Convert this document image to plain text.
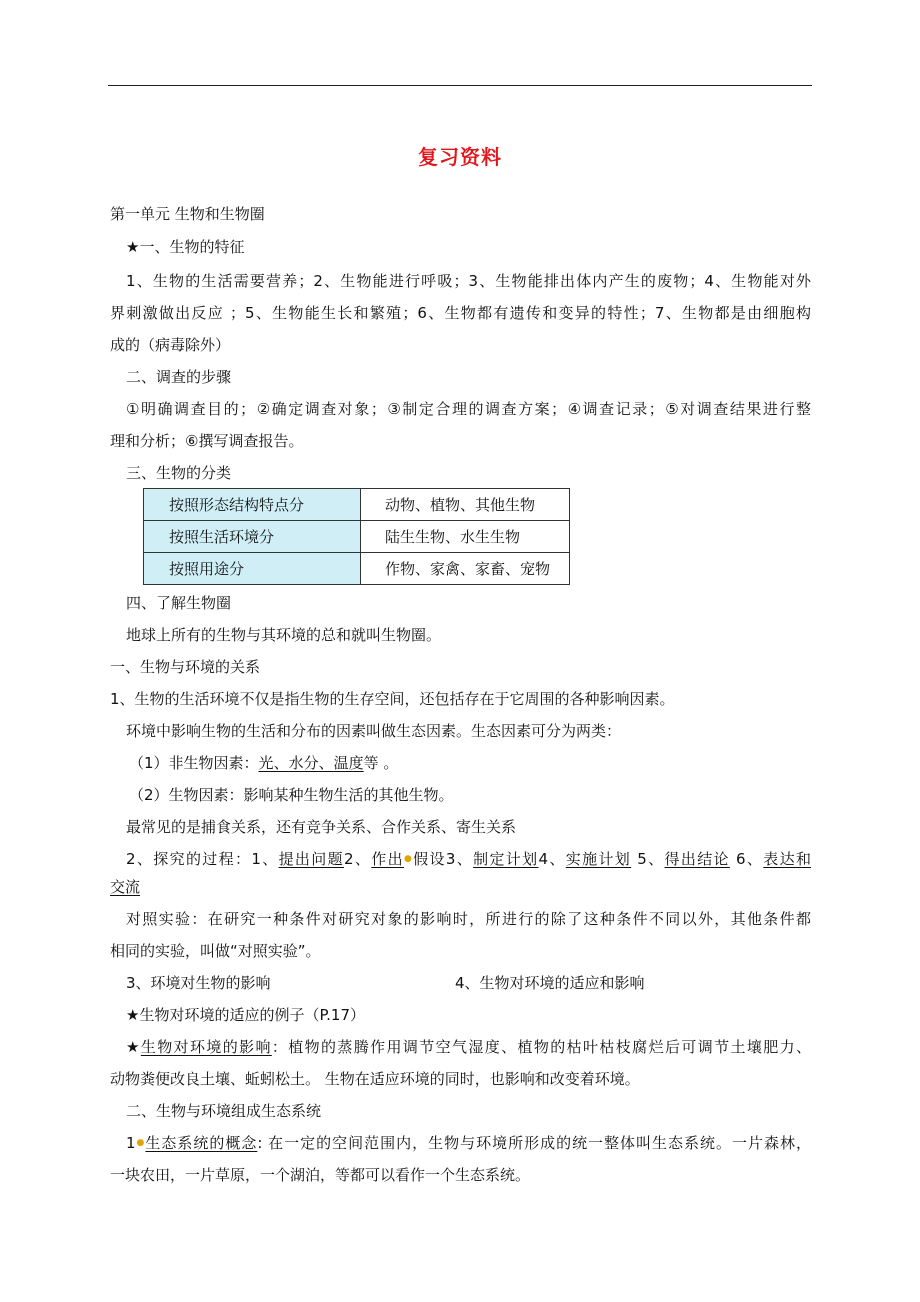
复习资料
第一单元 生物和生物圈
★一、生物的特征
1、生物的生活需要营养；2、生物能进行呼吸；3、生物能排出体内产生的废物；4、生物能对外
界刺激做出反应 ；5、生物能生长和繁殖；6、生物都有遗传和变异的特性；7、生物都是由细胞构
成的（病毒除外）
二、调查的步骤
①明确调查目的；②确定调查对象；③制定合理的调查方案；④调查记录；⑤对调查结果进行整
理和分析；⑥撰写调查报告。
三、生物的分类
按照形态结构特点分	动物、植物、其他生物
按照生活环境分	陆生生物、水生生物
按照用途分	作物、家禽、家畜、宠物
四、了解生物圈
地球上所有的生物与其环境的总和就叫生物圈。
一、生物与环境的关系
1、生物的生活环境不仅是指生物的生存空间，还包括存在于它周围的各种影响因素。
环境中影响生物的生活和分布的因素叫做生态因素。生态因素可分为两类：
（1）非生物因素：光、水分、温度等 。
（2）生物因素：影响某种生物生活的其他生物。
最常见的是捕食关系，还有竞争关系、合作关系、寄生关系
2、探究的过程：1、提出问题2、作出●假设3、制定计划4、实施计划 5、得出结论 6、表达和
交流
对照实验：在研究一种条件对研究对象的影响时，所进行的除了这种条件不同以外，其他条件都
相同的实验，叫做“对照实验”。
3、环境对生物的影响	4、生物对环境的适应和影响
★生物对环境的适应的例子（P.17）
★生物对环境的影响：植物的蒸腾作用调节空气湿度、植物的枯叶枯枝腐烂后可调节土壤肥力、
动物粪便改良土壤、蚯蚓松土。 生物在适应环境的同时，也影响和改变着环境。
二、生物与环境组成生态系统
1●生态系统的概念: 在一定的空间范围内，生物与环境所形成的统一整体叫生态系统。一片森林，
一块农田，一片草原，一个湖泊，等都可以看作一个生态系统。
